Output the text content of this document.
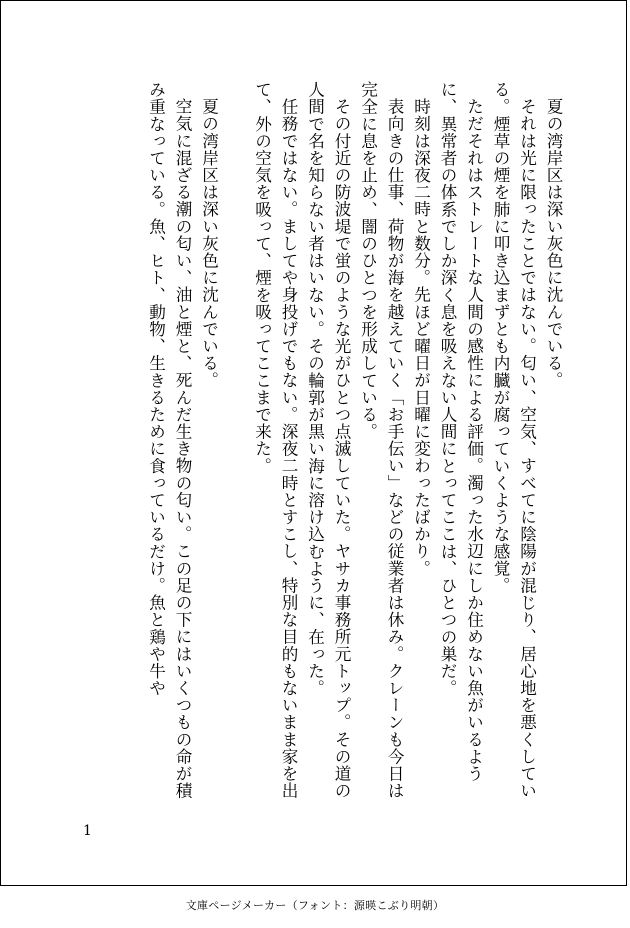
夏の湾岸区は深い灰色に沈んでいる。

それは光に限ったことではない。匂い、空気、すべてに陰陽が混じり、居心地を悪くしている。煙草の煙を肺に叩き込まずとも内臓が腐っていくような感覚。

ただそれはストレートな人間の感性による評価。濁った水辺にしか住めない魚がいるように、異常者の体系でしか深く息を吸えない人間にとってここは、ひとつの巣だ。

時刻は深夜二時と数分。先ほど曜日が日曜に変わったばかり。

表向きの仕事、荷物が海を越えていく「お手伝い」などの従業者は休み。クレーンも今日は完全に息を止め、闇のひとつを形成している。

その付近の防波堤で蛍のような光がひとつ点滅していた。ヤサカ事務所元トップ。その道の人間で名を知らない者はいない。その輪郭が黒い海に溶け込むように、在った。

任務ではない。ましてや身投げでもない。深夜二時とすこし、特別な目的もないまま家を出て、外の空気を吸って、煙を吸ってここまで来た。

夏の湾岸区は深い灰色に沈んでいる。

空気に混ざる潮の匂い、油と煙と、死んだ生き物の匂い。この足の下にはいくつもの命が積み重なっている。魚、ヒト、動物、生きるために食っているだけ。魚と鶏や牛や

1
文庫ページメーカー（フォント：源暎こぶり明朝）
